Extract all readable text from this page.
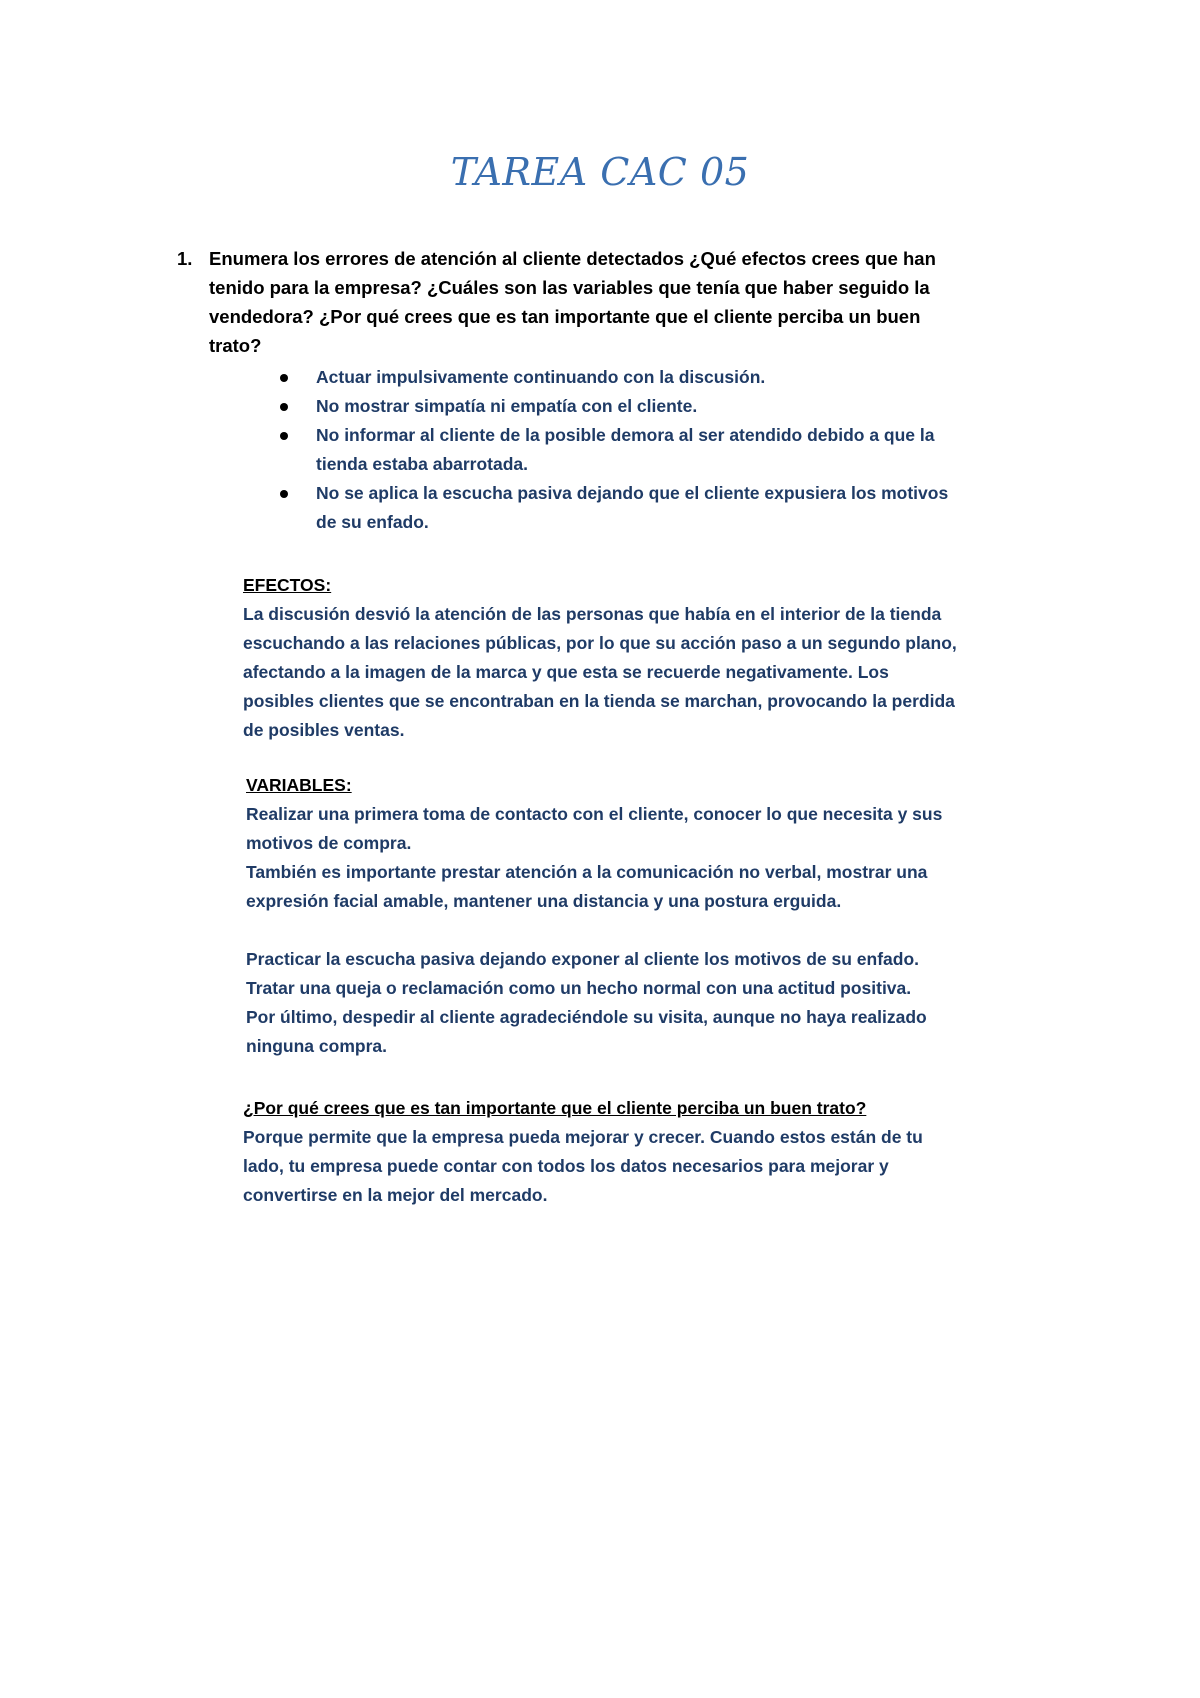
TAREA CAC 05
1. Enumera los errores de atención al cliente detectados ¿Qué efectos crees que han
tenido para la empresa? ¿Cuáles son las variables que tenía que haber seguido la
vendedora? ¿Por qué crees que es tan importante que el cliente perciba un buen
trato?
Actuar impulsivamente continuando con la discusión.
No mostrar simpatía ni empatía con el cliente.
No informar al cliente de la posible demora al ser atendido debido a que la
tienda estaba abarrotada.
No se aplica la escucha pasiva dejando que el cliente expusiera los motivos
de su enfado.
EFECTOS:
La discusión desvió la atención de las personas que había en el interior de la tienda
escuchando a las relaciones públicas, por lo que su acción paso a un segundo plano,
afectando a la imagen de la marca y que esta se recuerde negativamente. Los
posibles clientes que se encontraban en la tienda se marchan, provocando la perdida
de posibles ventas.
VARIABLES:
Realizar una primera toma de contacto con el cliente, conocer lo que necesita y sus
motivos de compra.
También es importante prestar atención a la comunicación no verbal, mostrar una
expresión facial amable, mantener una distancia y una postura erguida.
Practicar la escucha pasiva dejando exponer al cliente los motivos de su enfado.
Tratar una queja o reclamación como un hecho normal con una actitud positiva.
Por último, despedir al cliente agradeciéndole su visita, aunque no haya realizado
ninguna compra.
¿Por qué crees que es tan importante que el cliente perciba un buen trato?
Porque permite que la empresa pueda mejorar y crecer. Cuando estos están de tu
lado, tu empresa puede contar con todos los datos necesarios para mejorar y
convertirse en la mejor del mercado.
